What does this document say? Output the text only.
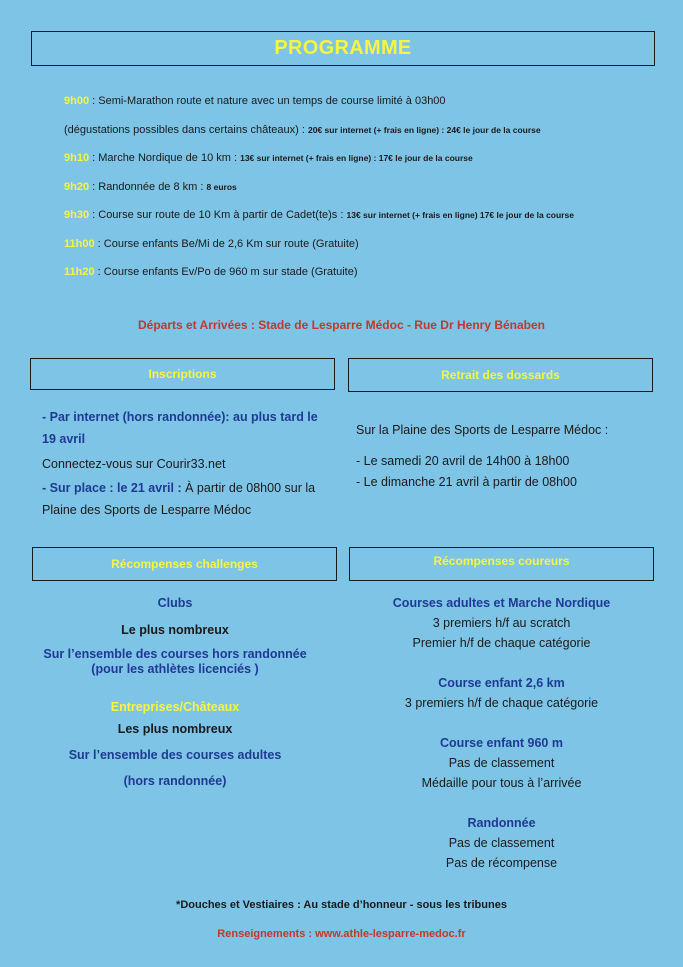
PROGRAMME
9h00 : Semi-Marathon route et nature avec un temps de course limité à 03h00
(dégustations possibles dans certains châteaux) : 20€ sur internet (+ frais en ligne) : 24€ le jour de la course
9h10 : Marche Nordique de 10 km : 13€ sur internet (+ frais en ligne) : 17€ le jour de la course
9h20 : Randonnée de 8 km : 8 euros
9h30 : Course sur route de 10 Km à partir de Cadet(te)s : 13€ sur internet (+ frais en ligne) 17€ le jour de la course
11h00 : Course enfants Be/Mi de 2,6 Km sur route (Gratuite)
11h20 : Course enfants Ev/Po de 960 m sur stade (Gratuite)
Départs et Arrivées : Stade de Lesparre Médoc - Rue Dr Henry Bénaben
Inscriptions
- Par internet (hors randonnée): au plus tard le
19 avril
Connectez-vous sur Courir33.net
- Sur place : le 21 avril : À partir de 08h00 sur la
Plaine des Sports de Lesparre Médoc
Retrait des dossards
Sur la Plaine des Sports de Lesparre Médoc :
- Le samedi 20 avril de 14h00 à 18h00
- Le dimanche 21 avril à partir de 08h00
Récompenses challenges
Clubs
Le plus nombreux
Sur l’ensemble des courses hors randonnée
(pour les athlètes licenciés )
Entreprises/Châteaux
Les plus nombreux
Sur l’ensemble des courses adultes
(hors randonnée)
Récompenses coureurs
Courses adultes et Marche Nordique
3 premiers h/f au scratch
Premier h/f de chaque catégorie
Course enfant 2,6 km
3 premiers h/f de chaque catégorie
Course enfant 960 m
Pas de classement
Médaille pour tous à l’arrivée
Randonnée
Pas de classement
Pas de récompense
*Douches et Vestiaires : Au stade d’honneur - sous les tribunes
Renseignements : www.athle-lesparre-medoc.fr
